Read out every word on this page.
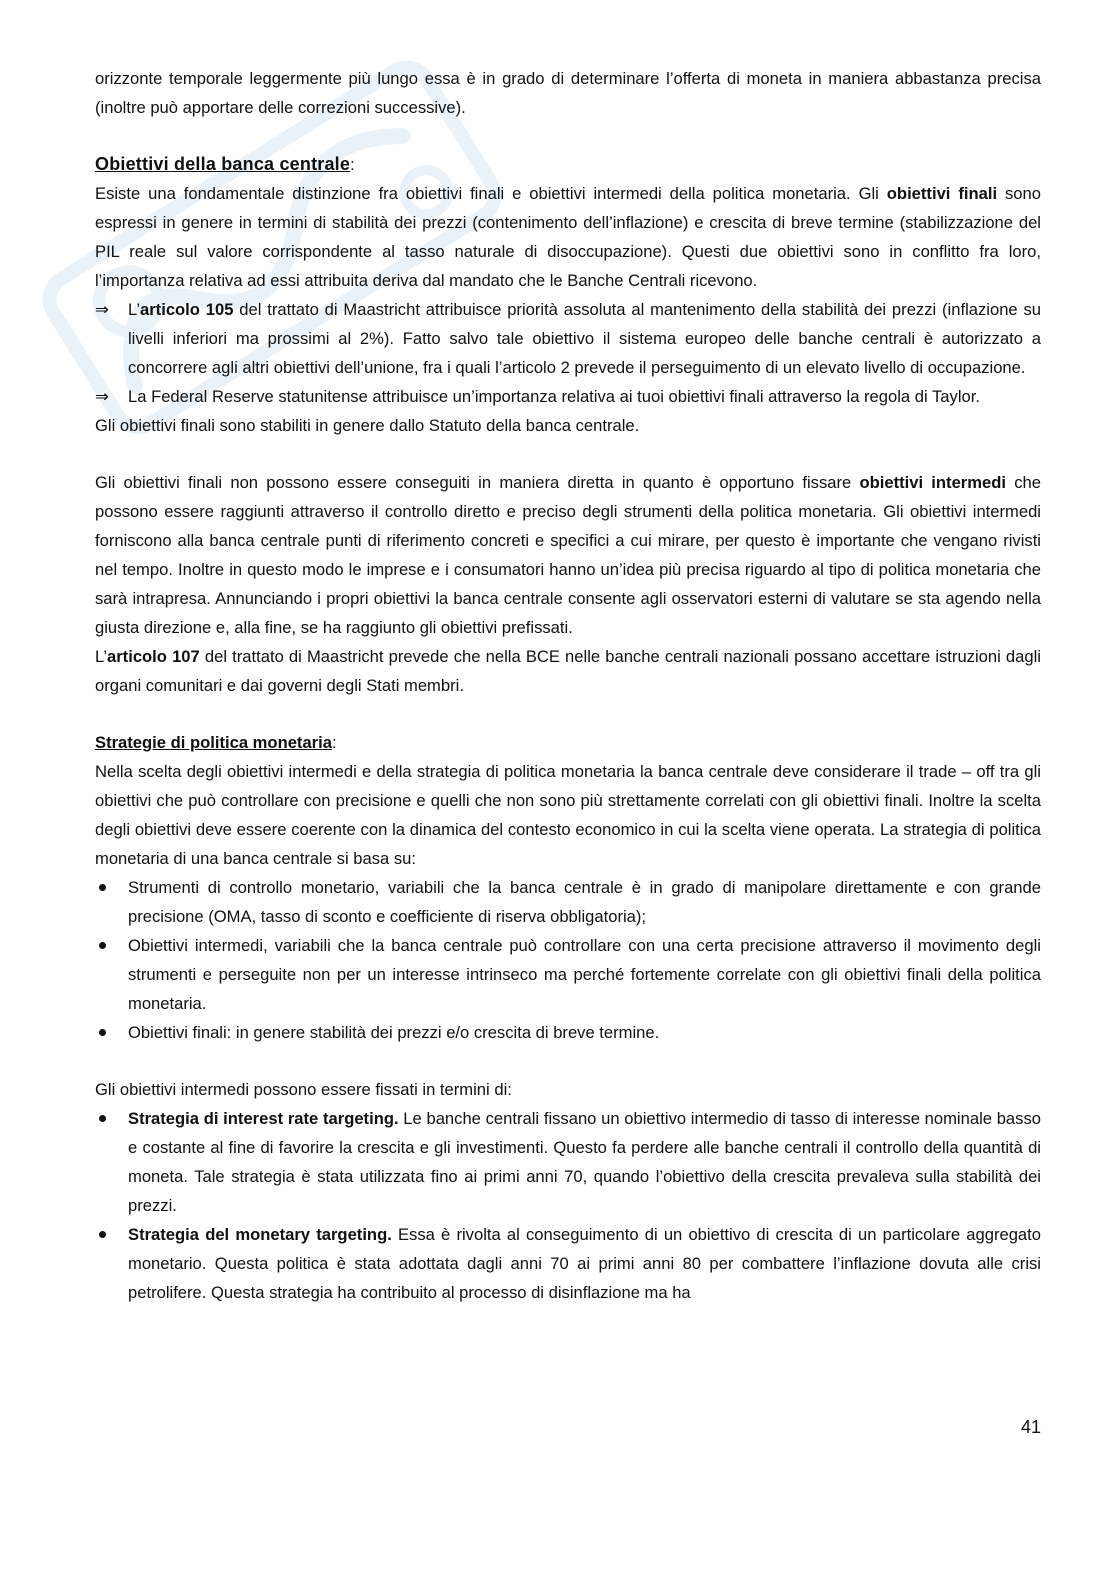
orizzonte temporale leggermente più lungo essa è in grado di determinare l’offerta di moneta in maniera abbastanza precisa (inoltre può apportare delle correzioni successive).

Obiettivi della banca centrale:

Esiste una fondamentale distinzione fra obiettivi finali e obiettivi intermedi della politica monetaria. Gli obiettivi finali sono espressi in genere in termini di stabilità dei prezzi (contenimento dell’inflazione) e crescita di breve termine (stabilizzazione del PIL reale sul valore corrispondente al tasso naturale di disoccupazione). Questi due obiettivi sono in conflitto fra loro, l’importanza relativa ad essi attribuita deriva dal mandato che le Banche Centrali ricevono.

⇒	L’articolo 105 del trattato di Maastricht attribuisce priorità assoluta al mantenimento della stabilità dei prezzi (inflazione su livelli inferiori ma prossimi al 2%). Fatto salvo tale obiettivo il sistema europeo delle banche centrali è autorizzato a concorrere agli altri obiettivi dell’unione, fra i quali l’articolo 2 prevede il perseguimento di un elevato livello di occupazione.
⇒	La Federal Reserve statunitense attribuisce un’importanza relativa ai tuoi obiettivi finali attraverso la regola di Taylor.

Gli obiettivi finali sono stabiliti in genere dallo Statuto della banca centrale.

Gli obiettivi finali non possono essere conseguiti in maniera diretta in quanto è opportuno fissare obiettivi intermedi che possono essere raggiunti attraverso il controllo diretto e preciso degli strumenti della politica monetaria. Gli obiettivi intermedi forniscono alla banca centrale punti di riferimento concreti e specifici a cui mirare, per questo è importante che vengano rivisti nel tempo. Inoltre in questo modo le imprese e i consumatori hanno un’idea più precisa riguardo al tipo di politica monetaria che sarà intrapresa. Annunciando i propri obiettivi la banca centrale consente agli osservatori esterni di valutare se sta agendo nella giusta direzione e, alla fine, se ha raggiunto gli obiettivi prefissati.

L’articolo 107 del trattato di Maastricht prevede che nella BCE nelle banche centrali nazionali possano accettare istruzioni dagli organi comunitari e dai governi degli Stati membri.

Strategie di politica monetaria:

Nella scelta degli obiettivi intermedi e della strategia di politica monetaria la banca centrale deve considerare il trade – off tra gli obiettivi che può controllare con precisione e quelli che non sono più strettamente correlati con gli obiettivi finali. Inoltre la scelta degli obiettivi deve essere coerente con la dinamica del contesto economico in cui la scelta viene operata. La strategia di politica monetaria di una banca centrale si basa su:

Strumenti di controllo monetario, variabili che la banca centrale è in grado di manipolare direttamente e con grande precisione (OMA, tasso di sconto e coefficiente di riserva obbligatoria);
Obiettivi intermedi, variabili che la banca centrale può controllare con una certa precisione attraverso il movimento degli strumenti e perseguite non per un interesse intrinseco ma perché fortemente correlate con gli obiettivi finali della politica monetaria.
Obiettivi finali: in genere stabilità dei prezzi e/o crescita di breve termine.

Gli obiettivi intermedi possono essere fissati in termini di:

Strategia di interest rate targeting. Le banche centrali fissano un obiettivo intermedio di tasso di interesse nominale basso e costante al fine di favorire la crescita e gli investimenti. Questo fa perdere alle banche centrali il controllo della quantità di moneta. Tale strategia è stata utilizzata fino ai primi anni 70, quando l’obiettivo della crescita prevaleva sulla stabilità dei prezzi.
Strategia del monetary targeting. Essa è rivolta al conseguimento di un obiettivo di crescita di un particolare aggregato monetario. Questa politica è stata adottata dagli anni 70 ai primi anni 80 per combattere l’inflazione dovuta alle crisi petrolifere. Questa strategia ha contribuito al processo di disinflazione ma ha
41
